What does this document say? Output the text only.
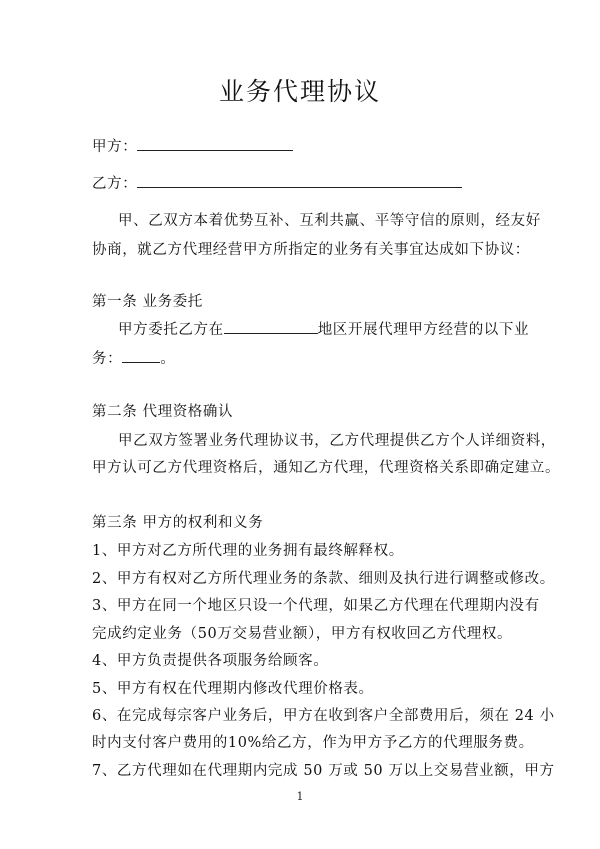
业务代理协议
甲方：
乙方：
甲、乙双方本着优势互补、互利共赢、平等守信的原则，经友好
协商，就乙方代理经营甲方所指定的业务有关事宜达成如下协议：
第一条 业务委托
甲方委托乙方在	地区开展代理甲方经营的以下业
务：	。
第二条 代理资格确认
甲乙双方签署业务代理协议书，乙方代理提供乙方个人详细资料，
甲方认可乙方代理资格后，通知乙方代理，代理资格关系即确定建立。
第三条 甲方的权利和义务
1、甲方对乙方所代理的业务拥有最终解释权。
2、甲方有权对乙方所代理业务的条款、细则及执行进行调整或修改。
3、甲方在同一个地区只设一个代理，如果乙方代理在代理期内没有
完成约定业务（50万交易营业额），甲方有权收回乙方代理权。
4、甲方负责提供各项服务给顾客。
5、甲方有权在代理期内修改代理价格表。
6、在完成每宗客户业务后，甲方在收到客户全部费用后，须在 24 小
时内支付客户费用的10%给乙方，作为甲方予乙方的代理服务费。
7、乙方代理如在代理期内完成 50 万或 50 万以上交易营业额，甲方
1
